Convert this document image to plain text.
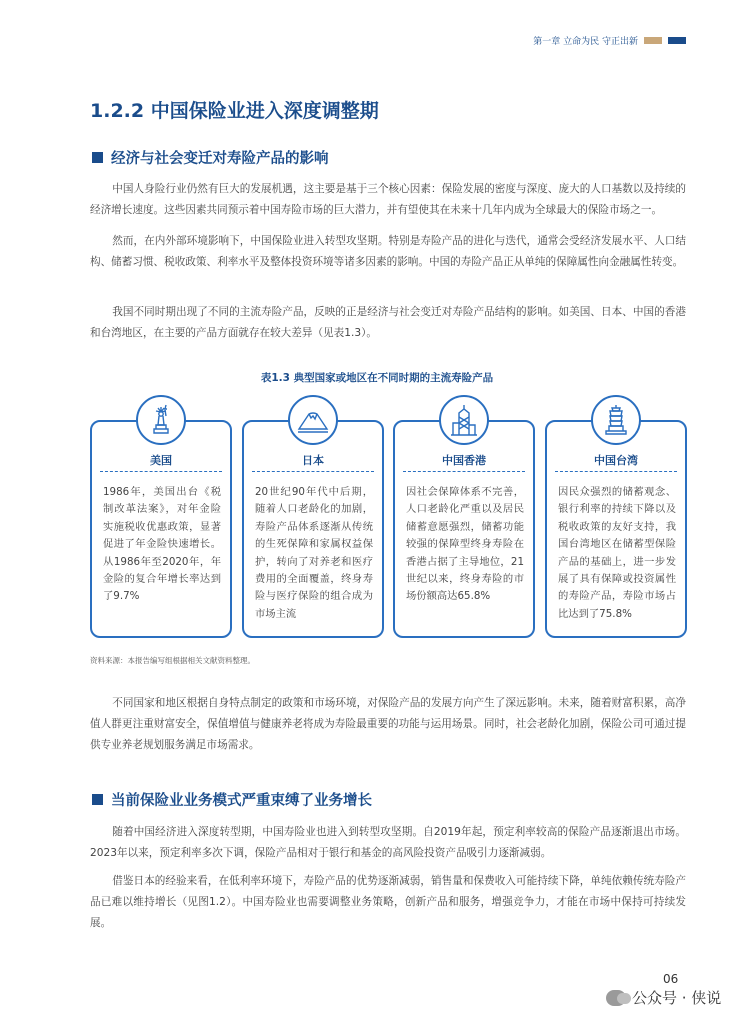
第一章 立命为民 守正出新
1.2.2 中国保险业进入深度调整期
经济与社会变迁对寿险产品的影响
中国人身险行业仍然有巨大的发展机遇，这主要是基于三个核心因素：保险发展的密度与深度、庞大的人口基数以及持续的经济增长速度。这些因素共同预示着中国寿险市场的巨大潜力，并有望使其在未来十几年内成为全球最大的保险市场之一。
然而，在内外部环境影响下，中国保险业进入转型攻坚期。特别是寿险产品的进化与迭代，通常会受经济发展水平、人口结构、储蓄习惯、税收政策、利率水平及整体投资环境等诸多因素的影响。中国的寿险产品正从单纯的保障属性向金融属性转变。
我国不同时期出现了不同的主流寿险产品，反映的正是经济与社会变迁对寿险产品结构的影响。如美国、日本、中国的香港和台湾地区，在主要的产品方面就存在较大差异（见表1.3）。
表1.3 典型国家或地区在不同时期的主流寿险产品
美国
1986年，美国出台《税制改革法案》，对年金险实施税收优惠政策，显著促进了年金险快速增长。从1986年至2020年，年金险的复合年增长率达到了9.7%
日本
20世纪90年代中后期，随着人口老龄化的加剧，寿险产品体系逐渐从传统的生死保障和家属权益保护，转向了对养老和医疗费用的全面覆盖，终身寿险与医疗保险的组合成为市场主流
中国香港
因社会保障体系不完善，人口老龄化严重以及居民储蓄意愿强烈，储蓄功能较强的保障型终身寿险在香港占据了主导地位，21世纪以来，终身寿险的市场份额高达65.8%
中国台湾
因民众强烈的储蓄观念、银行利率的持续下降以及税收政策的友好支持，我国台湾地区在储蓄型保险产品的基础上，进一步发展了具有保障或投资属性的寿险产品，寿险市场占比达到了75.8%
资料来源：本报告编写组根据相关文献资料整理。
不同国家和地区根据自身特点制定的政策和市场环境，对保险产品的发展方向产生了深远影响。未来，随着财富积累，高净值人群更注重财富安全，保值增值与健康养老将成为寿险最重要的功能与运用场景。同时，社会老龄化加剧，保险公司可通过提供专业养老规划服务满足市场需求。
当前保险业业务模式严重束缚了业务增长
随着中国经济进入深度转型期，中国寿险业也进入到转型攻坚期。自2019年起，预定利率较高的保险产品逐渐退出市场。2023年以来，预定利率多次下调，保险产品相对于银行和基金的高风险投资产品吸引力逐渐减弱。
借鉴日本的经验来看，在低利率环境下，寿险产品的优势逐渐减弱，销售量和保费收入可能持续下降，单纯依赖传统寿险产品已难以维持增长（见图1.2）。中国寿险业也需要调整业务策略，创新产品和服务，增强竞争力，才能在市场中保持可持续发展。
06
公众号 · 侠说
